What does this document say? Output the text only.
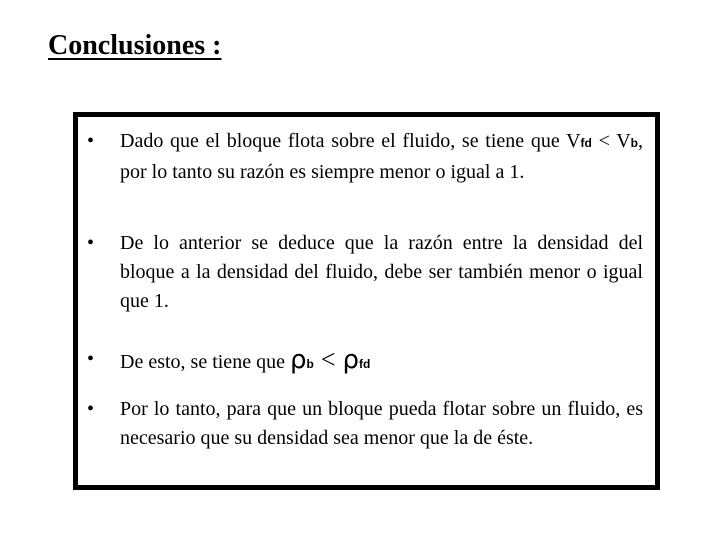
Conclusiones :
• Dado que el bloque flota sobre el fluido, se tiene que Vfd < Vb, por lo tanto su razón es siempre menor o igual a 1.
• De lo anterior se deduce que la razón entre la densidad del bloque a la densidad del fluido, debe ser también menor o igual que 1.
• De esto, se tiene que ρb < ρfd
• Por lo tanto, para que un bloque pueda flotar sobre un fluido, es necesario que su densidad sea menor que la de éste.
